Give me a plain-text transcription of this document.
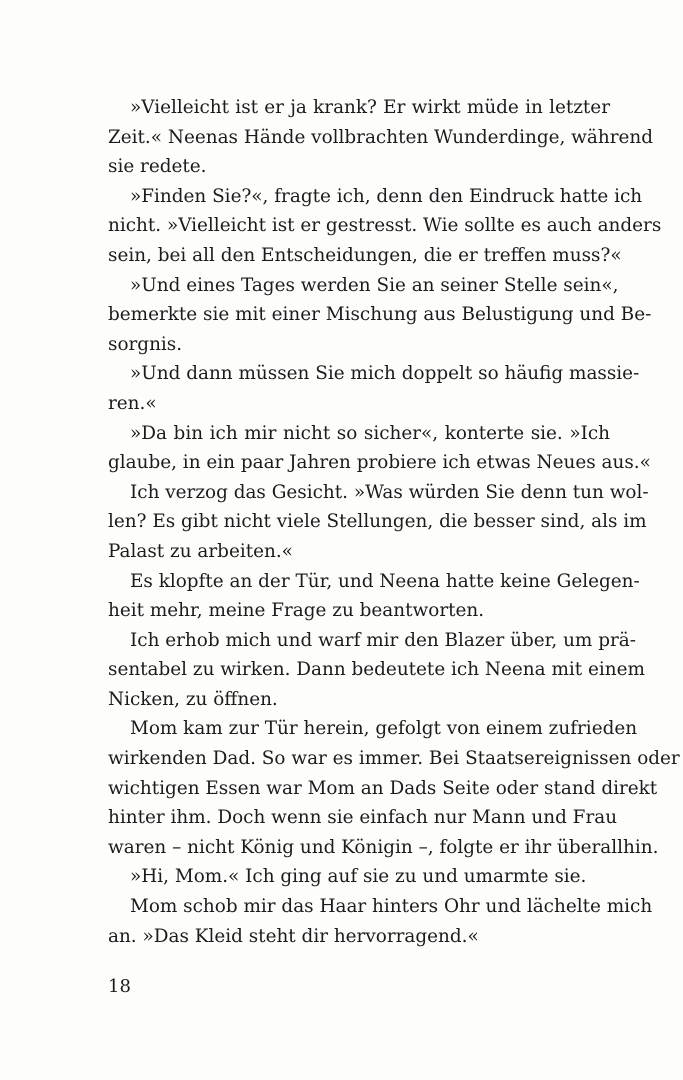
»Vielleicht ist er ja krank? Er wirkt müde in letzter
Zeit.« Neenas Hände vollbrachten Wunderdinge, während
sie redete.
»Finden Sie?«, fragte ich, denn den Eindruck hatte ich
nicht. »Vielleicht ist er gestresst. Wie sollte es auch anders
sein, bei all den Entscheidungen, die er treffen muss?«
»Und eines Tages werden Sie an seiner Stelle sein«,
bemerkte sie mit einer Mischung aus Belustigung und Be-
sorgnis.
»Und dann müssen Sie mich doppelt so häufig massie-
ren.«
»Da bin ich mir nicht so sicher«, konterte sie. »Ich
glaube, in ein paar Jahren probiere ich etwas Neues aus.«
Ich verzog das Gesicht. »Was würden Sie denn tun wol-
len? Es gibt nicht viele Stellungen, die besser sind, als im
Palast zu arbeiten.«
Es klopfte an der Tür, und Neena hatte keine Gelegen-
heit mehr, meine Frage zu beantworten.
Ich erhob mich und warf mir den Blazer über, um prä-
sentabel zu wirken. Dann bedeutete ich Neena mit einem
Nicken, zu öffnen.
Mom kam zur Tür herein, gefolgt von einem zufrieden
wirkenden Dad. So war es immer. Bei Staatsereignissen oder
wichtigen Essen war Mom an Dads Seite oder stand direkt
hinter ihm. Doch wenn sie einfach nur Mann und Frau
waren – nicht König und Königin –, folgte er ihr überallhin.
»Hi, Mom.« Ich ging auf sie zu und umarmte sie.
Mom schob mir das Haar hinters Ohr und lächelte mich
an. »Das Kleid steht dir hervorragend.«
18
